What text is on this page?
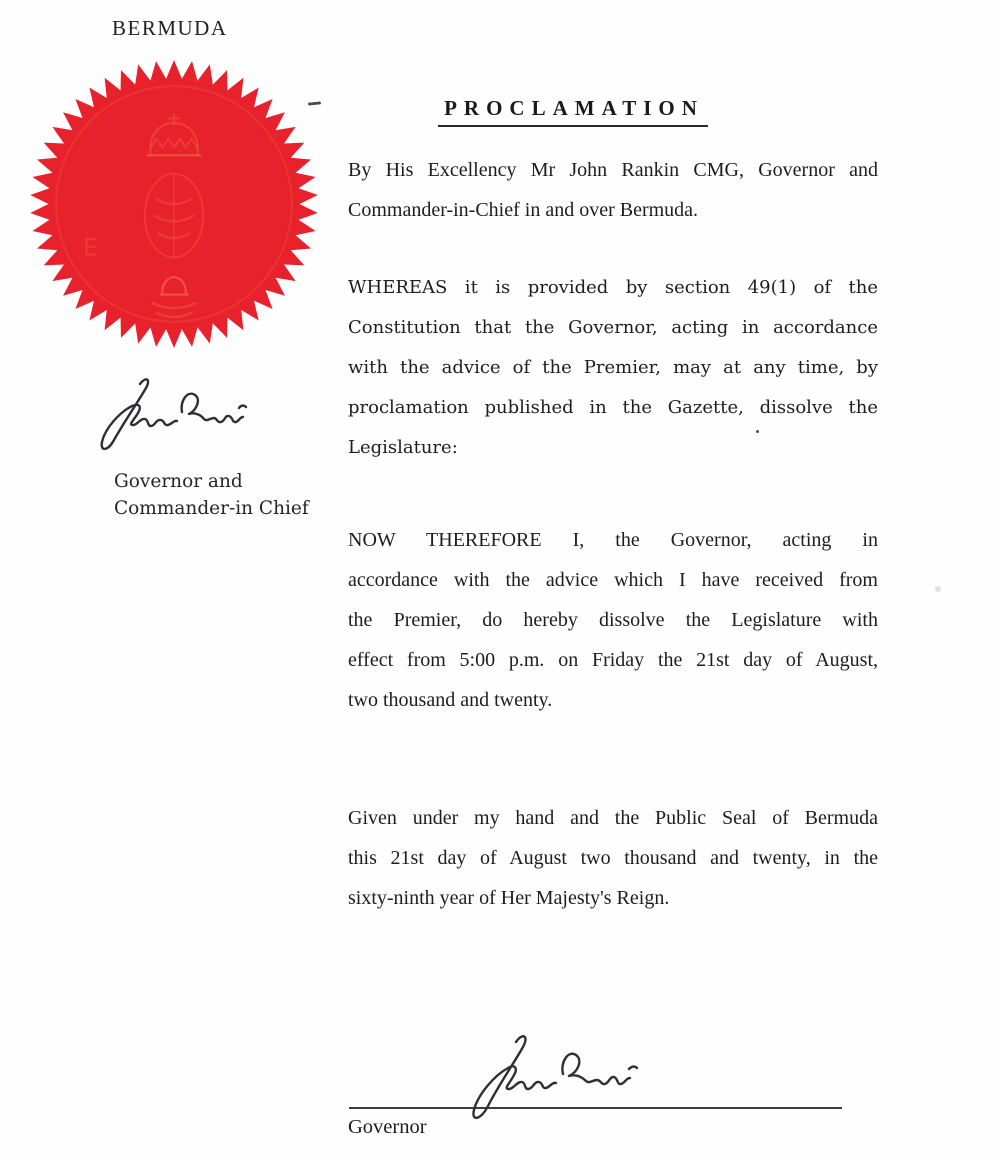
BERMUDA
Governor and
Commander-in Chief
PROCLAMATION
By His Excellency Mr John Rankin CMG, Governor and
Commander-in-Chief in and over Bermuda.
WHEREAS it is provided by section 49(1) of the
Constitution that the Governor, acting in accordance
with the advice of the Premier, may at any time, by
proclamation published in the Gazette, dissolve the
Legislature:
NOW THEREFORE I, the Governor, acting in
accordance with the advice which I have received from
the Premier, do hereby dissolve the Legislature with
effect from 5:00 p.m. on Friday the 21st day of August,
two thousand and twenty.
Given under my hand and the Public Seal of Bermuda
this 21st day of August two thousand and twenty, in the
sixty-ninth year of Her Majesty's Reign.
Governor
